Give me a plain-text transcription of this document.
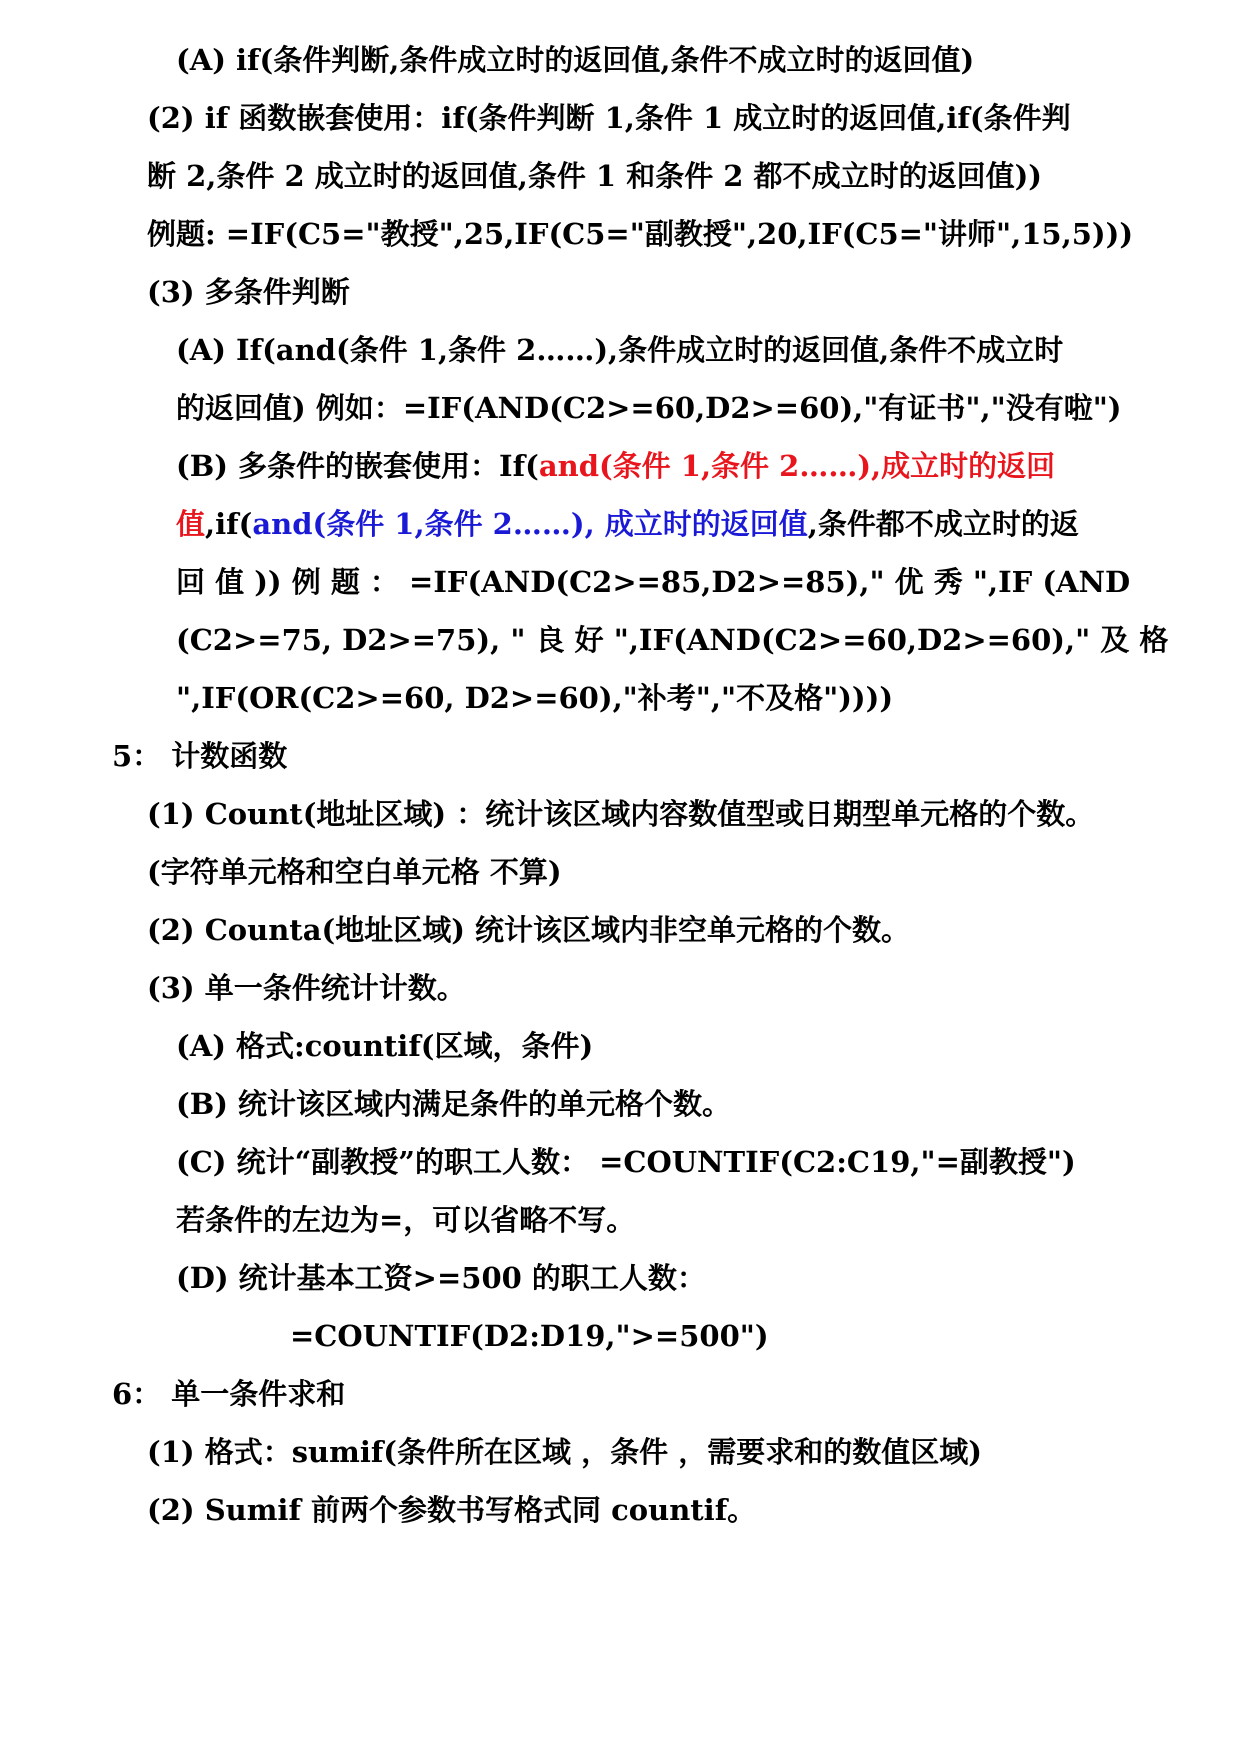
(A) if(条件判断,条件成立时的返回值,条件不成立时的返回值)
(2) if 函数嵌套使用：if(条件判断 1,条件 1 成立时的返回值,if(条件判
断 2,条件 2 成立时的返回值,条件 1 和条件 2 都不成立时的返回值))
例题: =IF(C5="教授",25,IF(C5="副教授",20,IF(C5="讲师",15,5)))
(3) 多条件判断
(A) If(and(条件 1,条件 2……),条件成立时的返回值,条件不成立时
的返回值) 例如：=IF(AND(C2>=60,D2>=60),"有证书","没有啦")
(B) 多条件的嵌套使用：If(and(条件 1,条件 2……),成立时的返回
值,if(and(条件 1,条件 2……), 成立时的返回值,条件都不成立时的返
回 值 )) 例 题 ： =IF(AND(C2>=85,D2>=85)," 优 秀 ",IF (AND
(C2>=75, D2>=75), " 良 好 ",IF(AND(C2>=60,D2>=60)," 及 格
",IF(OR(C2>=60, D2>=60),"补考","不及格"))))
5： 计数函数
(1) Count(地址区域) ：统计该区域内容数值型或日期型单元格的个数。
(字符单元格和空白单元格 不算)
(2) Counta(地址区域) 统计该区域内非空单元格的个数。
(3) 单一条件统计计数。
(A) 格式:countif(区域，条件)
(B) 统计该区域内满足条件的单元格个数。
(C) 统计“副教授”的职工人数： =COUNTIF(C2:C19,"=副教授")
若条件的左边为=，可以省略不写。
(D) 统计基本工资>=500 的职工人数：
=COUNTIF(D2:D19,">=500")
6： 单一条件求和
(1) 格式：sumif(条件所在区域 ，条件 ，需要求和的数值区域)
(2) Sumif 前两个参数书写格式同 countif。
